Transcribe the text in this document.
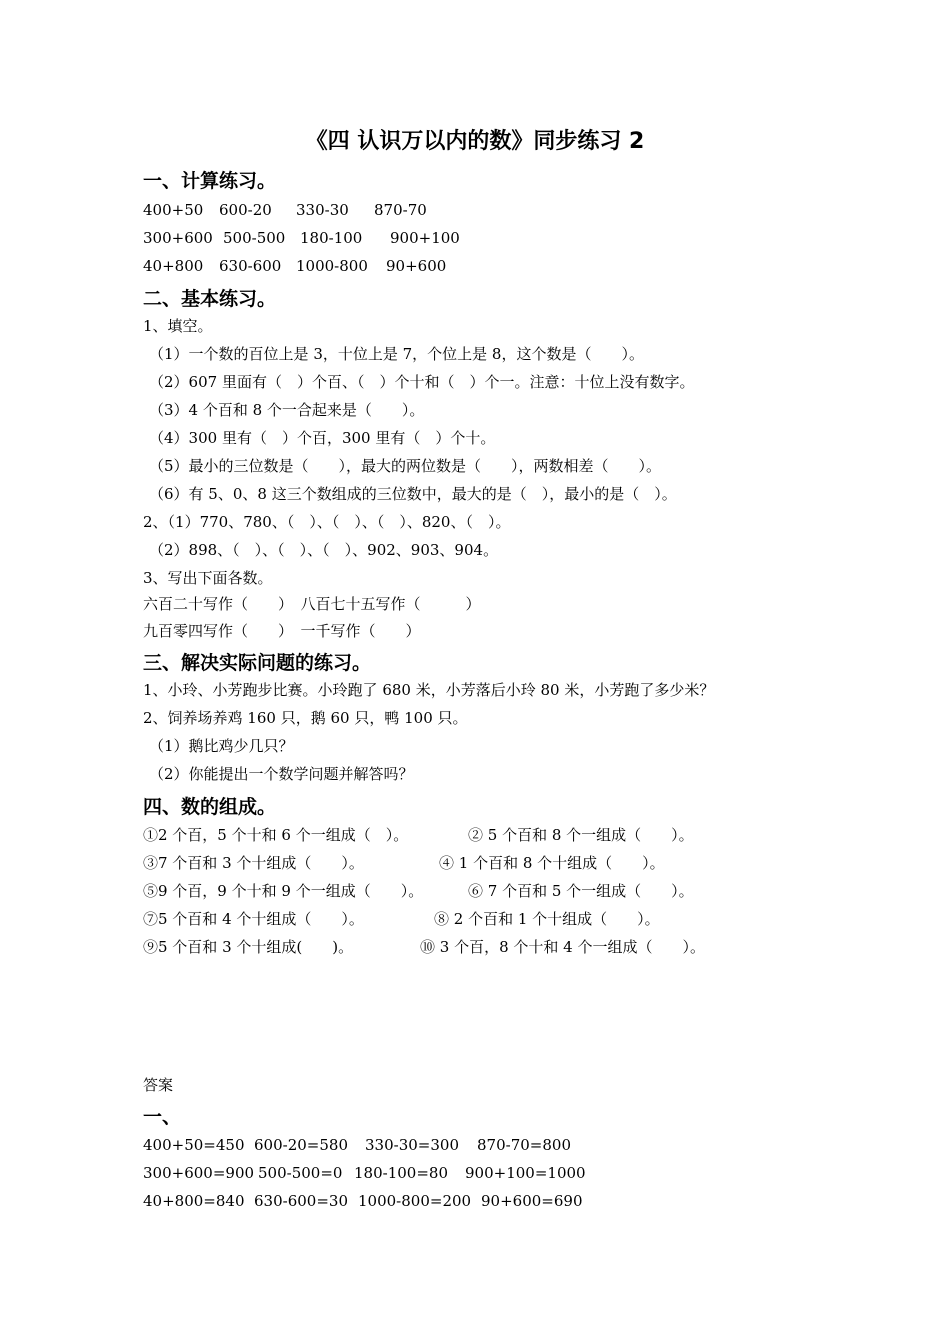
《四 认识万以内的数》同步练习 2
一、计算练习。
400+50 600-20 330-30 870-70
300+600 500-500 180-100 900+100
40+800 630-600 1000-800 90+600
二、基本练习。
1、填空。
（1）一个数的百位上是 3，十位上是 7，个位上是 8，这个数是（　　）。
（2）607 里面有（　）个百、（　）个十和（　）个一。注意：十位上没有数字。
（3）4 个百和 8 个一合起来是（　　）。
（4）300 里有（　）个百，300 里有（　）个十。
（5）最小的三位数是（　　），最大的两位数是（　　），两数相差（　　）。
（6）有 5、0、8 这三个数组成的三位数中，最大的是（　），最小的是（　）。
2、（1）770、780、（　）、（　）、（　）、820、（　）。
（2）898、（　）、（　）、（　）、902、903、904。
3、写出下面各数。
六百二十写作（　　）　八百七十五写作（　　　）
九百零四写作（　　）　一千写作（　　）
三、解决实际问题的练习。
1、小玲、小芳跑步比赛。小玲跑了 680 米，小芳落后小玲 80 米，小芳跑了多少米？
2、饲养场养鸡 160 只，鹅 60 只，鸭 100 只。
（1）鹅比鸡少几只？
（2）你能提出一个数学问题并解答吗？
四、数的组成。
①2 个百，5 个十和 6 个一组成（　）。	② 5 个百和 8 个一组成（　　）。
③7 个百和 3 个十组成（　　）。	④ 1 个百和 8 个十组成（　　）。
⑤9 个百，9 个十和 9 个一组成（　　）。	⑥ 7 个百和 5 个一组成（　　）。
⑦5 个百和 4 个十组成（　　）。	⑧ 2 个百和 1 个十组成（　　）。
⑨5 个百和 3 个十组成(　　)。	⑩ 3 个百，8 个十和 4 个一组成（　　）。
答案
一、
400+50=450 600-20=580 330-30=300 870-70=800
300+600=900 500-500=0 180-100=80 900+100=1000
40+800=840 630-600=30 1000-800=200 90+600=690
